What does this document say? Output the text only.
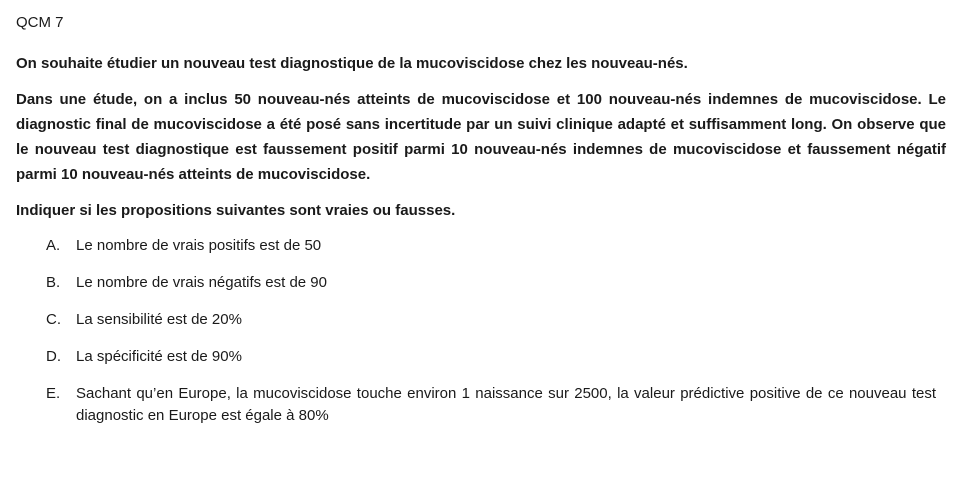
QCM 7

On souhaite étudier un nouveau test diagnostique de la mucoviscidose chez les nouveau-nés.

Dans une étude, on a inclus 50 nouveau-nés atteints de mucoviscidose et 100 nouveau-nés indemnes de mucoviscidose. Le diagnostic final de mucoviscidose a été posé sans incertitude par un suivi clinique adapté et suffisamment long. On observe que le nouveau test diagnostique est faussement positif parmi 10 nouveau-nés indemnes de mucoviscidose et faussement négatif parmi 10 nouveau-nés atteints de mucoviscidose.

Indiquer si les propositions suivantes sont vraies ou fausses.

A.	Le nombre de vrais positifs est de 50
B.	Le nombre de vrais négatifs est de 90
C.	La sensibilité est de 20%
D.	La spécificité est de 90%
E.	Sachant qu’en Europe, la mucoviscidose touche environ 1 naissance sur 2500, la valeur prédictive positive de ce nouveau test diagnostic en Europe est égale à 80%
